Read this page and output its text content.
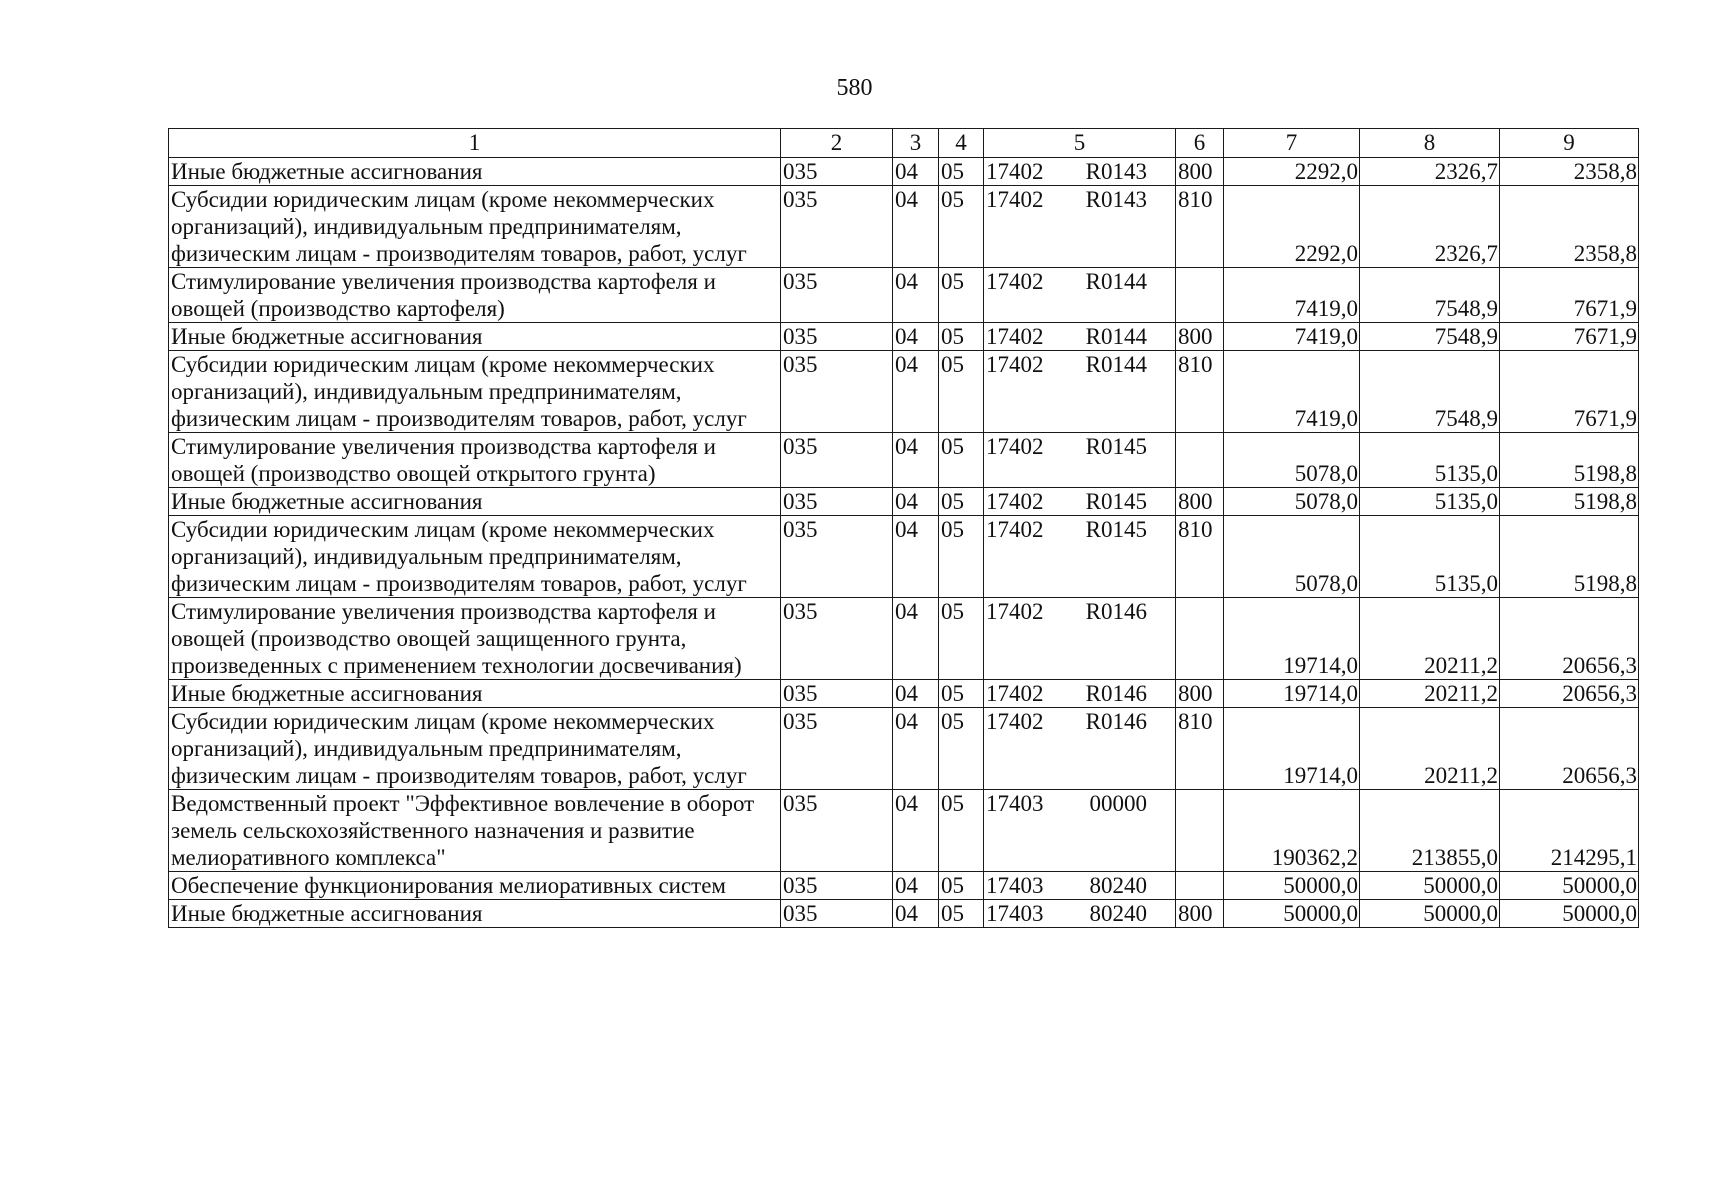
580
1	2	3	4	5	6	7	8	9
Иные бюджетные ассигнования	035	04	05	17402 R0143	800	2292,0	2326,7	2358,8
Субсидии юридическим лицам (кроме некоммерческих организаций), индивидуальным предпринимателям, физическим лицам - производителям товаров, работ, услуг	035	04	05	17402 R0143	810	2292,0	2326,7	2358,8
Стимулирование увеличения производства картофеля и овощей (производство картофеля)	035	04	05	17402 R0144		7419,0	7548,9	7671,9
Иные бюджетные ассигнования	035	04	05	17402 R0144	800	7419,0	7548,9	7671,9
Субсидии юридическим лицам (кроме некоммерческих организаций), индивидуальным предпринимателям, физическим лицам - производителям товаров, работ, услуг	035	04	05	17402 R0144	810	7419,0	7548,9	7671,9
Стимулирование увеличения производства картофеля и овощей (производство овощей открытого грунта)	035	04	05	17402 R0145		5078,0	5135,0	5198,8
Иные бюджетные ассигнования	035	04	05	17402 R0145	800	5078,0	5135,0	5198,8
Субсидии юридическим лицам (кроме некоммерческих организаций), индивидуальным предпринимателям, физическим лицам - производителям товаров, работ, услуг	035	04	05	17402 R0145	810	5078,0	5135,0	5198,8
Стимулирование увеличения производства картофеля и овощей (производство овощей защищенного грунта, произведенных с применением технологии досвечивания)	035	04	05	17402 R0146		19714,0	20211,2	20656,3
Иные бюджетные ассигнования	035	04	05	17402 R0146	800	19714,0	20211,2	20656,3
Субсидии юридическим лицам (кроме некоммерческих организаций), индивидуальным предпринимателям, физическим лицам - производителям товаров, работ, услуг	035	04	05	17402 R0146	810	19714,0	20211,2	20656,3
Ведомственный проект "Эффективное вовлечение в оборот земель сельскохозяйственного назначения и развитие мелиоративного комплекса"	035	04	05	17403 00000		190362,2	213855,0	214295,1
Обеспечение функционирования мелиоративных систем	035	04	05	17403 80240		50000,0	50000,0	50000,0
Иные бюджетные ассигнования	035	04	05	17403 80240	800	50000,0	50000,0	50000,0
